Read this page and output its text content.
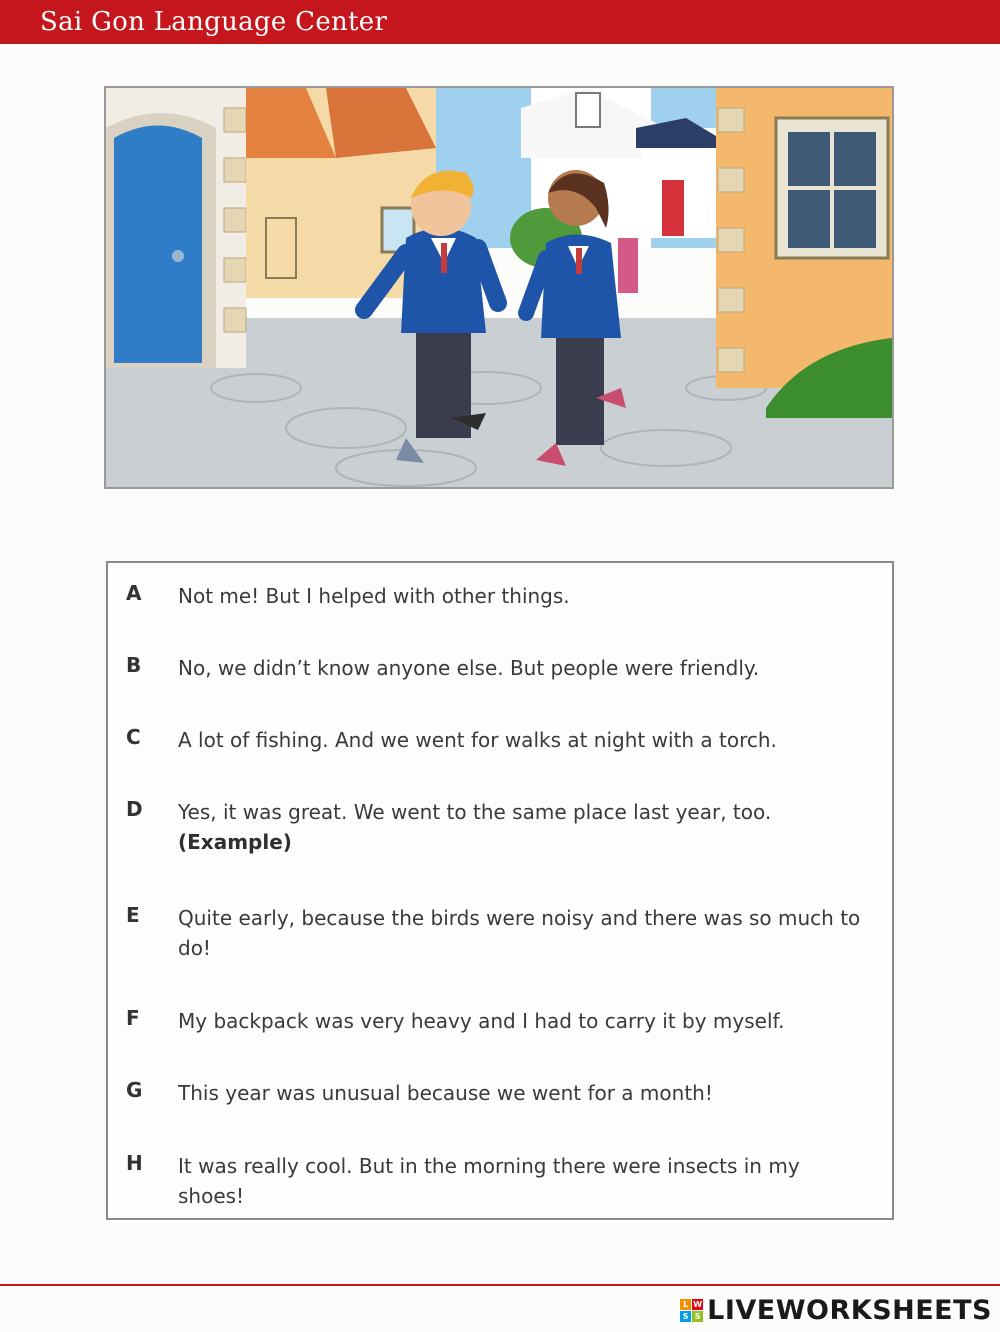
Sai Gon Language Center
A Not me! But I helped with other things.
B No, we didn’t know anyone else. But people were friendly.
C A lot of fishing. And we went for walks at night with a torch.
D Yes, it was great. We went to the same place last year, too.
(Example)
E Quite early, because the birds were noisy and there was so much to do!
F My backpack was very heavy and I had to carry it by myself.
G This year was unusual because we went for a month!
H It was really cool. But in the morning there were insects in my shoes!
L W
S S LIVEWORKSHEETS
